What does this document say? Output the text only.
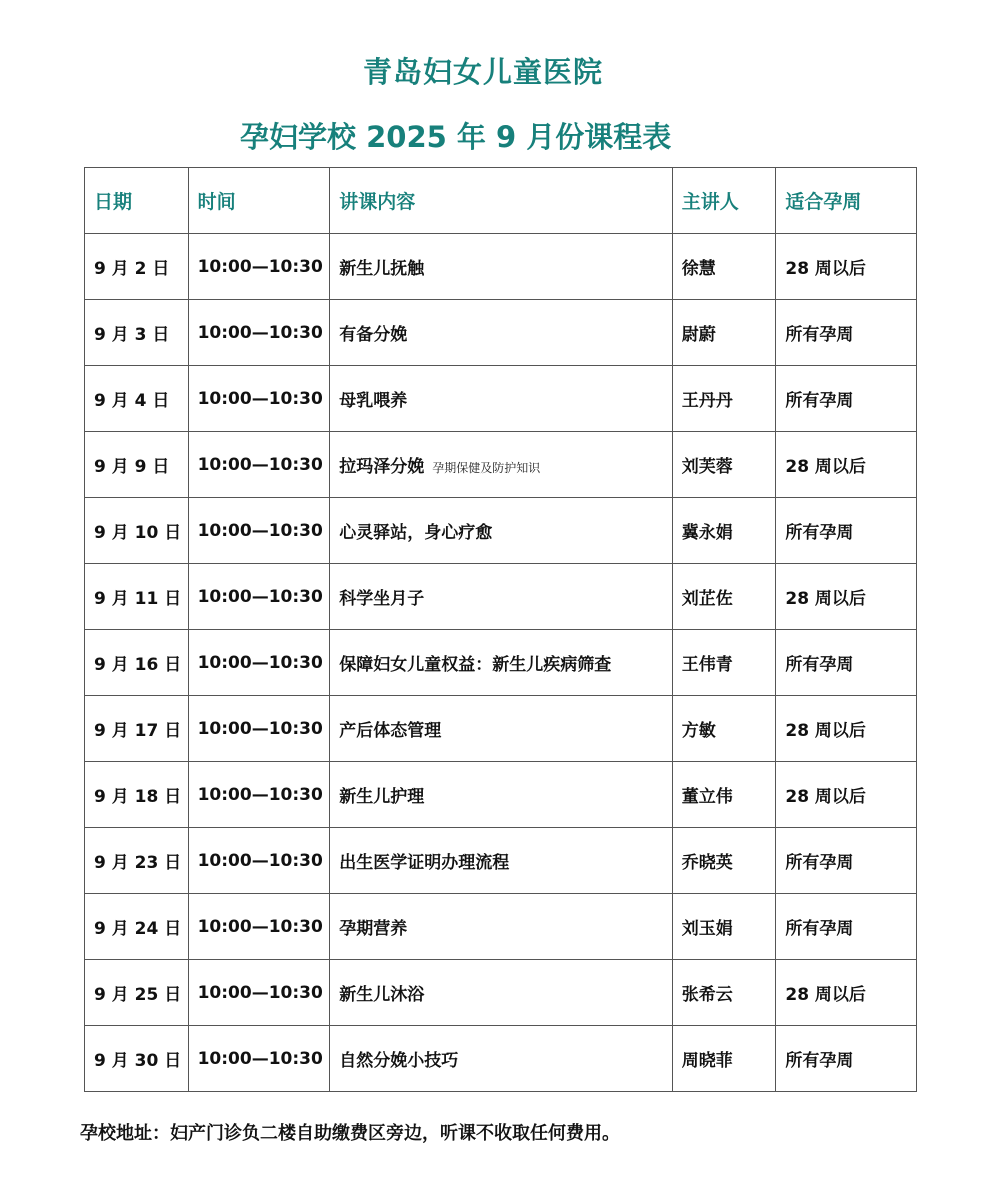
青岛妇女儿童医院
孕妇学校 2025 年 9 月份课程表
日期	时间	讲课内容	主讲人	适合孕周
9 月 2 日	10:00—10:30	新生儿抚触	徐慧	28 周以后
9 月 3 日	10:00—10:30	有备分娩	尉蔚	所有孕周
9 月 4 日	10:00—10:30	母乳喂养	王丹丹	所有孕周
9 月 9 日	10:00—10:30	拉玛泽分娩 孕期保健及防护知识	刘芙蓉	28 周以后
9 月 10 日	10:00—10:30	心灵驿站，身心疗愈	冀永娟	所有孕周
9 月 11 日	10:00—10:30	科学坐月子	刘芷佐	28 周以后
9 月 16 日	10:00—10:30	保障妇女儿童权益：新生儿疾病筛查	王伟青	所有孕周
9 月 17 日	10:00—10:30	产后体态管理	方敏	28 周以后
9 月 18 日	10:00—10:30	新生儿护理	董立伟	28 周以后
9 月 23 日	10:00—10:30	出生医学证明办理流程	乔晓英	所有孕周
9 月 24 日	10:00—10:30	孕期营养	刘玉娟	所有孕周
9 月 25 日	10:00—10:30	新生儿沐浴	张希云	28 周以后
9 月 30 日	10:00—10:30	自然分娩小技巧	周晓菲	所有孕周
孕校地址：妇产门诊负二楼自助缴费区旁边，听课不收取任何费用。
